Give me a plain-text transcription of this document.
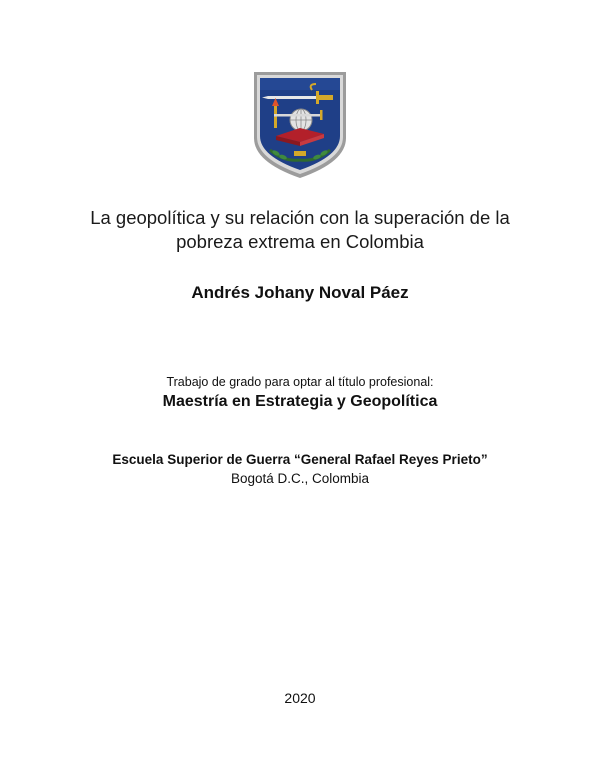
La geopolítica y su relación con la superación de la
pobreza extrema en Colombia
Andrés Johany Noval Páez
Trabajo de grado para optar al título profesional:
Maestría en Estrategia y Geopolítica
Escuela Superior de Guerra “General Rafael Reyes Prieto”
Bogotá D.C., Colombia
2020
